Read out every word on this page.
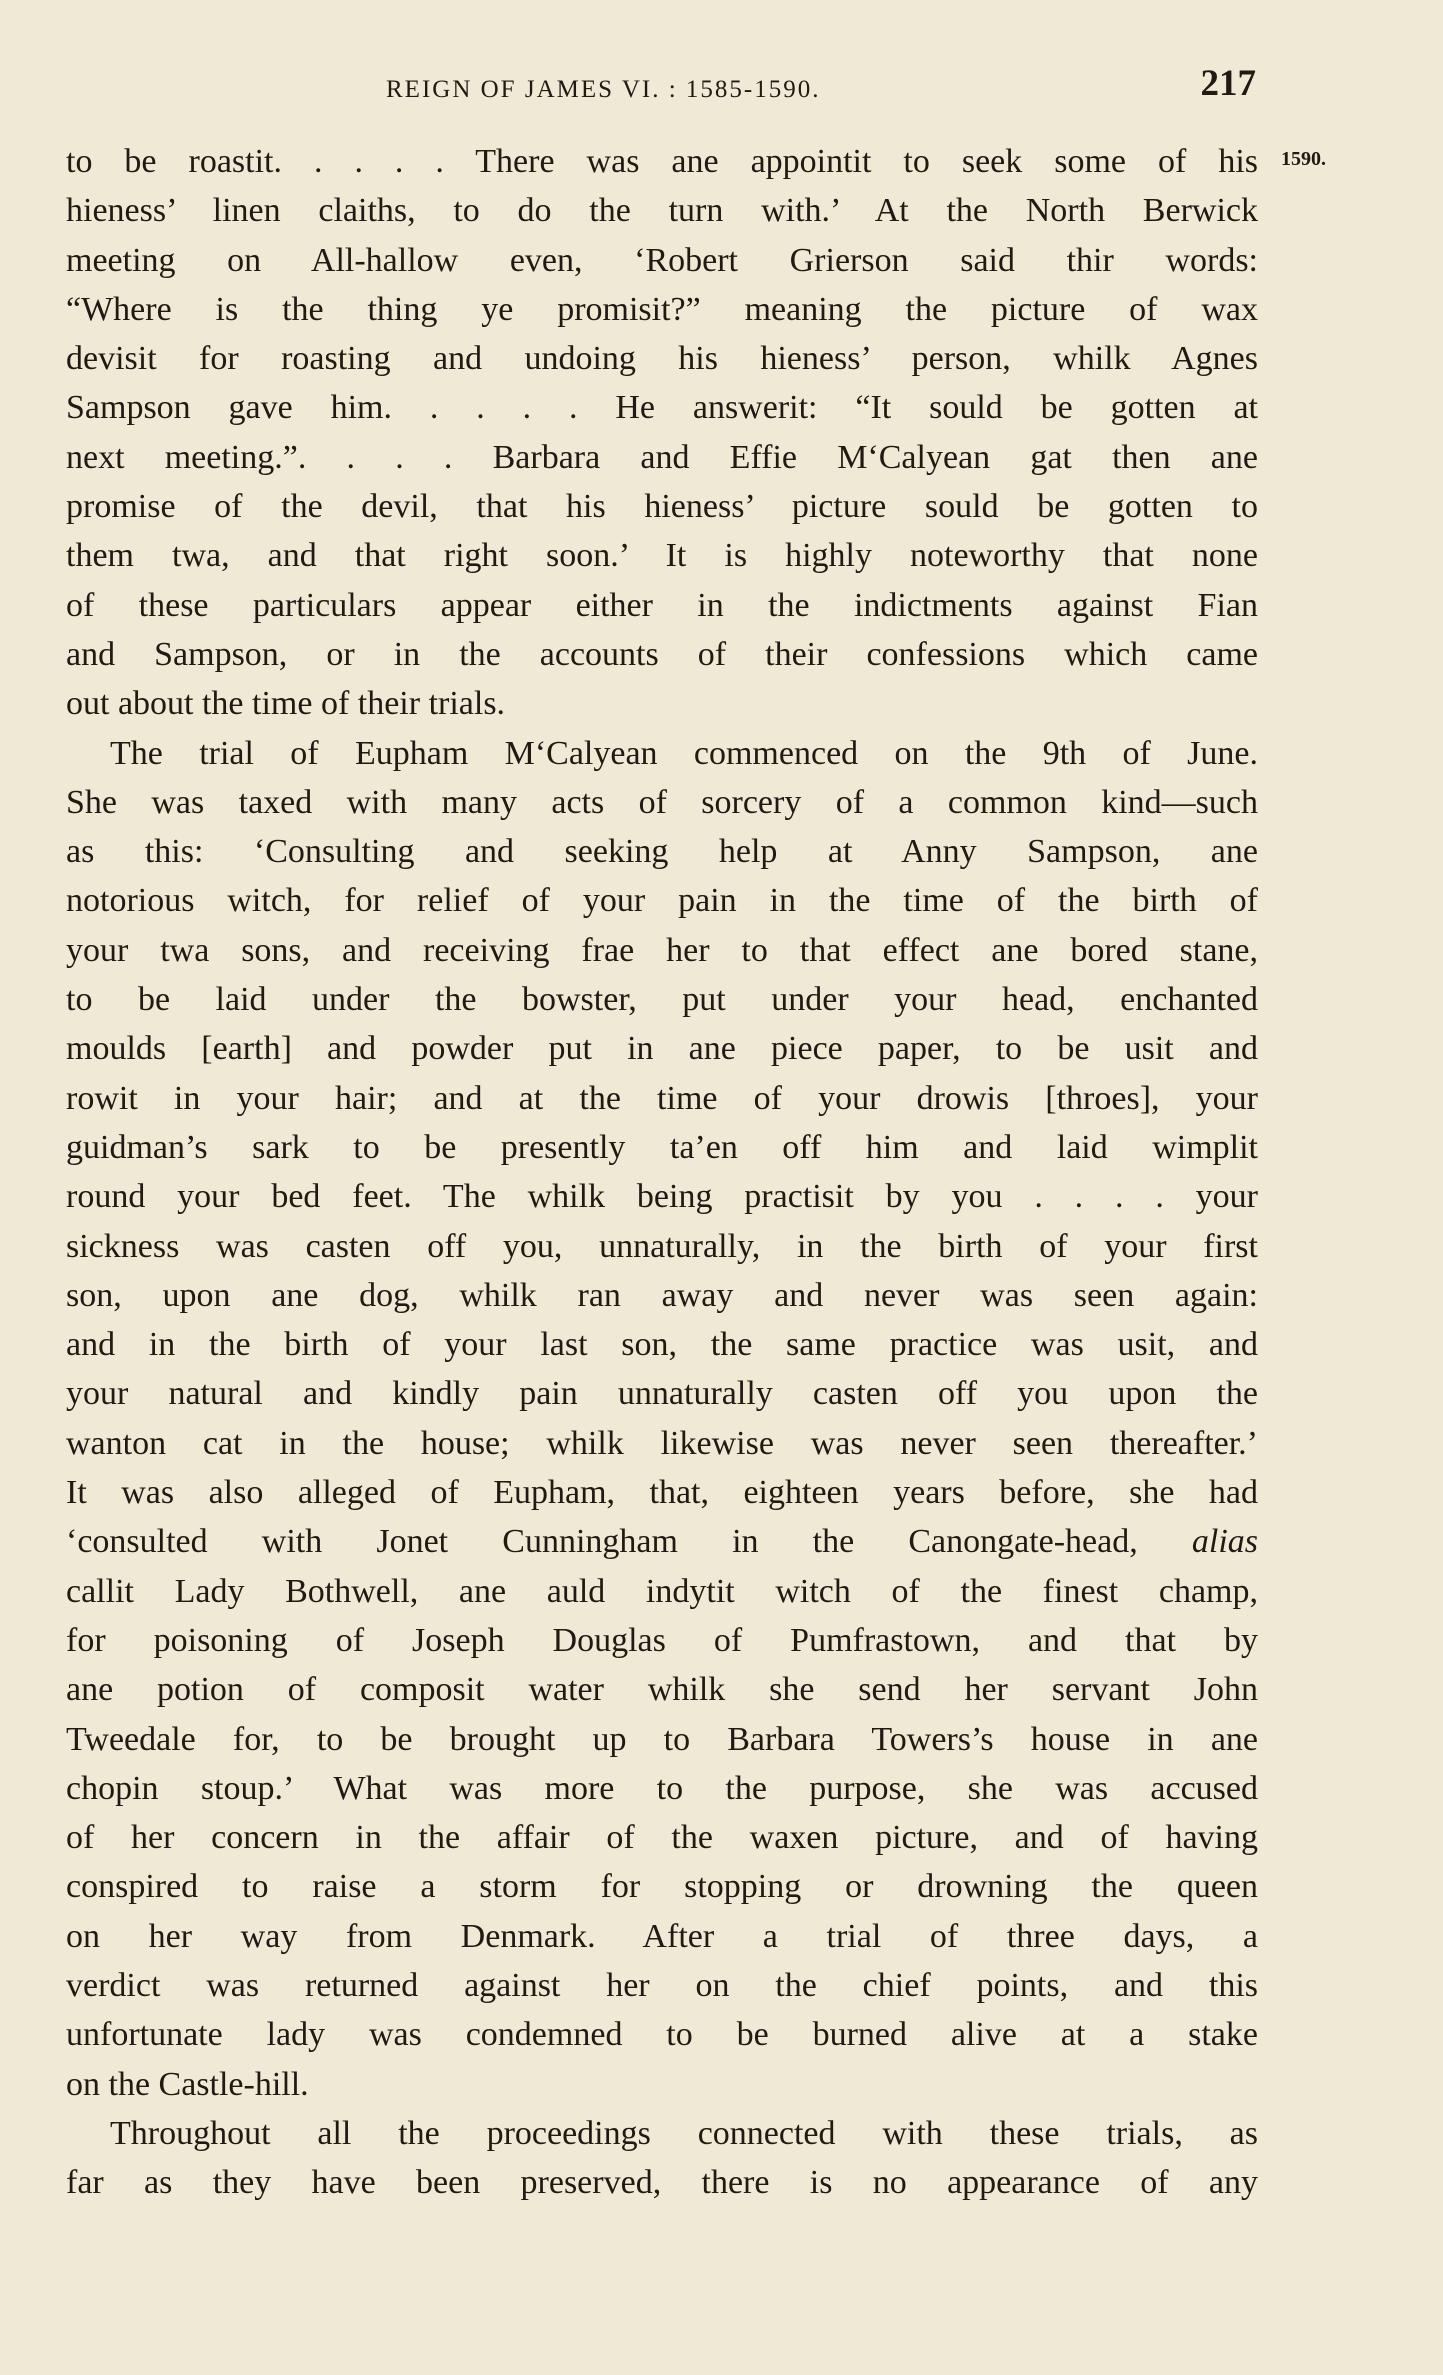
REIGN OF JAMES VI. : 1585-1590.	217
1590.
to be roastit. . . . . There was ane appointit to seek some of his
hieness’ linen claiths, to do the turn with.’ At the North Berwick
meeting on All-hallow even, ‘Robert Grierson said thir words:
“Where is the thing ye promisit?” meaning the picture of wax
devisit for roasting and undoing his hieness’ person, whilk Agnes
Sampson gave him. . . . . He answerit: “It sould be gotten at
next meeting.”. . . . Barbara and Effie M‘Calyean gat then ane
promise of the devil, that his hieness’ picture sould be gotten to
them twa, and that right soon.’ It is highly noteworthy that none
of these particulars appear either in the indictments against Fian
and Sampson, or in the accounts of their confessions which came
out about the time of their trials.
The trial of Eupham M‘Calyean commenced on the 9th of June.
She was taxed with many acts of sorcery of a common kind—such
as this: ‘Consulting and seeking help at Anny Sampson, ane
notorious witch, for relief of your pain in the time of the birth of
your twa sons, and receiving frae her to that effect ane bored stane,
to be laid under the bowster, put under your head, enchanted
moulds [earth] and powder put in ane piece paper, to be usit and
rowit in your hair; and at the time of your drowis [throes], your
guidman’s sark to be presently ta’en off him and laid wimplit
round your bed feet. The whilk being practisit by you . . . . your
sickness was casten off you, unnaturally, in the birth of your first
son, upon ane dog, whilk ran away and never was seen again:
and in the birth of your last son, the same practice was usit, and
your natural and kindly pain unnaturally casten off you upon the
wanton cat in the house; whilk likewise was never seen thereafter.’
It was also alleged of Eupham, that, eighteen years before, she had
‘consulted with Jonet Cunningham in the Canongate-head, alias
callit Lady Bothwell, ane auld indytit witch of the finest champ,
for poisoning of Joseph Douglas of Pumfrastown, and that by
ane potion of composit water whilk she send her servant John
Tweedale for, to be brought up to Barbara Towers’s house in ane
chopin stoup.’ What was more to the purpose, she was accused
of her concern in the affair of the waxen picture, and of having
conspired to raise a storm for stopping or drowning the queen
on her way from Denmark. After a trial of three days, a
verdict was returned against her on the chief points, and this
unfortunate lady was condemned to be burned alive at a stake
on the Castle-hill.
Throughout all the proceedings connected with these trials, as
far as they have been preserved, there is no appearance of any
